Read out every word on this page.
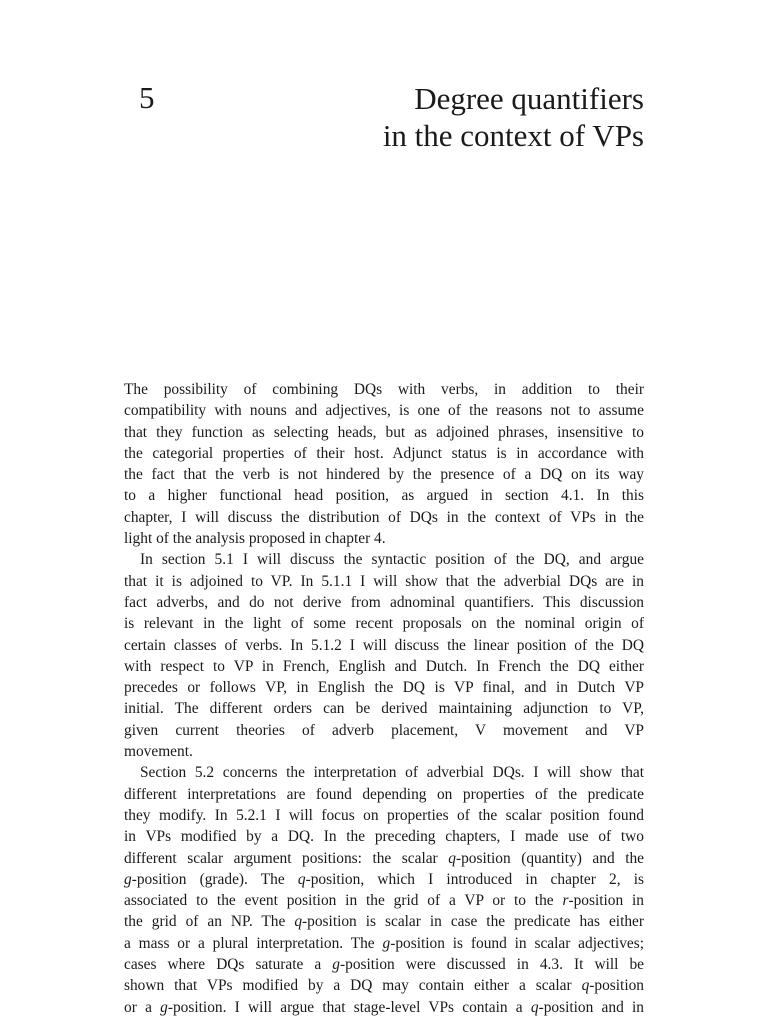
5	Degree quantifiers
in the context of VPs
The possibility of combining DQs with verbs, in addition to their
compatibility with nouns and adjectives, is one of the reasons not to assume
that they function as selecting heads, but as adjoined phrases, insensitive to
the categorial properties of their host. Adjunct status is in accordance with
the fact that the verb is not hindered by the presence of a DQ on its way
to a higher functional head position, as argued in section 4.1. In this
chapter, I will discuss the distribution of DQs in the context of VPs in the
light of the analysis proposed in chapter 4.
In section 5.1 I will discuss the syntactic position of the DQ, and argue
that it is adjoined to VP. In 5.1.1 I will show that the adverbial DQs are in
fact adverbs, and do not derive from adnominal quantifiers. This discussion
is relevant in the light of some recent proposals on the nominal origin of
certain classes of verbs. In 5.1.2 I will discuss the linear position of the DQ
with respect to VP in French, English and Dutch. In French the DQ either
precedes or follows VP, in English the DQ is VP final, and in Dutch VP
initial. The different orders can be derived maintaining adjunction to VP,
given current theories of adverb placement, V movement and VP
movement.
Section 5.2 concerns the interpretation of adverbial DQs. I will show that
different interpretations are found depending on properties of the predicate
they modify. In 5.2.1 I will focus on properties of the scalar position found
in VPs modified by a DQ. In the preceding chapters, I made use of two
different scalar argument positions: the scalar q-position (quantity) and the
g-position (grade). The q-position, which I introduced in chapter 2, is
associated to the event position in the grid of a VP or to the r-position in
the grid of an NP. The q-position is scalar in case the predicate has either
a mass or a plural interpretation. The g-position is found in scalar adjectives;
cases where DQs saturate a g-position were discussed in 4.3. It will be
shown that VPs modified by a DQ may contain either a scalar q-position
or a g-position. I will argue that stage-level VPs contain a q-position and in
